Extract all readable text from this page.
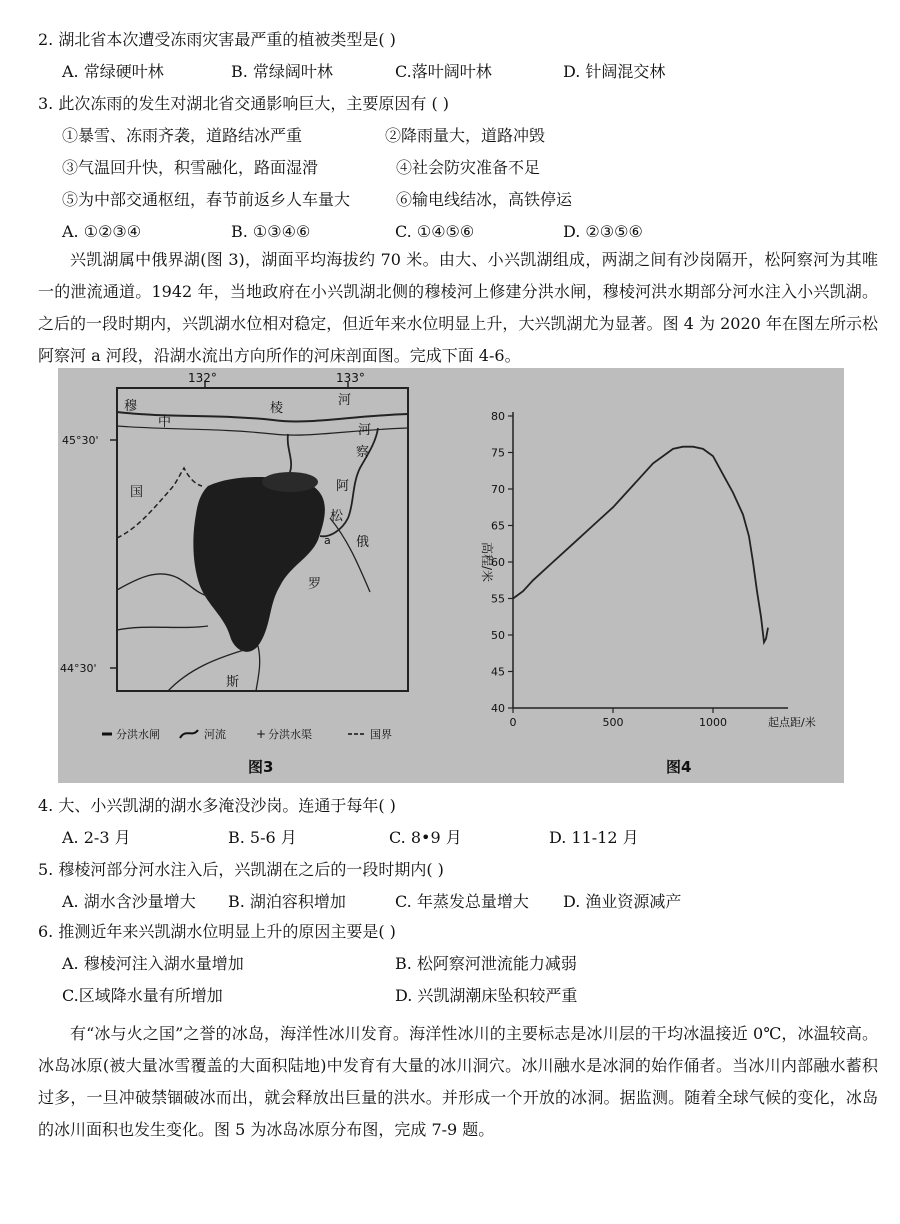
2. 湖北省本次遭受冻雨灾害最严重的植被类型是( )
A. 常绿硬叶林	B. 常绿阔叶林	C.落叶阔叶林	D. 针阔混交林
3. 此次冻雨的发生对湖北省交通影响巨大，主要原因有 ( )
①暴雪、冻雨齐袭，道路结冰严重	②降雨量大，道路冲毁
③气温回升快，积雪融化，路面湿滑	④社会防灾准备不足
⑤为中部交通枢纽，春节前返乡人车量大	⑥输电线结冰，高铁停运
A. ①②③④	B. ①③④⑥	C. ①④⑤⑥	D. ②③⑤⑥

兴凯湖属中俄界湖(图 3)，湖面平均海拔约 70 米。由大、小兴凯湖组成，两湖之间有沙岗隔开，松阿察河为其唯一的泄流通道。1942 年，当地政府在小兴凯湖北侧的穆棱河上修建分洪水闸，穆棱河洪水期部分河水注入小兴凯湖。之后的一段时期内，兴凯湖水位相对稳定，但近年来水位明显上升，大兴凯湖尤为显著。图 4 为 2020 年在图左所示松阿察河 a 河段，沿湖水流出方向所作的河床剖面图。完成下面 4-6。

132°	133°
45°30'
44°30'
穆
中
棱
河
国	阿
松
俄
罗
斯
察
河
a
分洪水闸	河流	+ 分洪水渠	国界
图3
40
45
50
55
60
65
70
75
80
0	500	1000
高程/米
起点距/米
图4
4. 大、小兴凯湖的湖水多淹没沙岗。连通于每年( )
A. 2-3 月	B. 5-6 月	C. 8•9 月	D. 11-12 月
5. 穆棱河部分河水注入后，兴凯湖在之后的一段时期内( )
A. 湖水含沙量增大 B. 湖泊容积增加	C. 年蒸发总量增大 D. 渔业资源减产
6. 推测近年来兴凯湖水位明显上升的原因主要是( )
A. 穆棱河注入湖水量增加	B. 松阿察河泄流能力减弱
C.区域降水量有所增加	D. 兴凯湖潮床坠积较严重

有“冰与火之国”之誉的冰岛，海洋性冰川发育。海洋性冰川的主要标志是冰川层的干均冰温接近 0℃，冰温较高。冰岛冰原(被大量冰雪覆盖的大面积陆地)中发育有大量的冰川洞穴。冰川融水是冰洞的始作俑者。当冰川内部融水蓄积过多，一旦冲破禁锢破冰而出，就会释放出巨量的洪水。并形成一个开放的冰洞。据监测。随着全球气候的变化，冰岛的冰川面积也发生变化。图 5 为冰岛冰原分布图，完成 7-9 题。
